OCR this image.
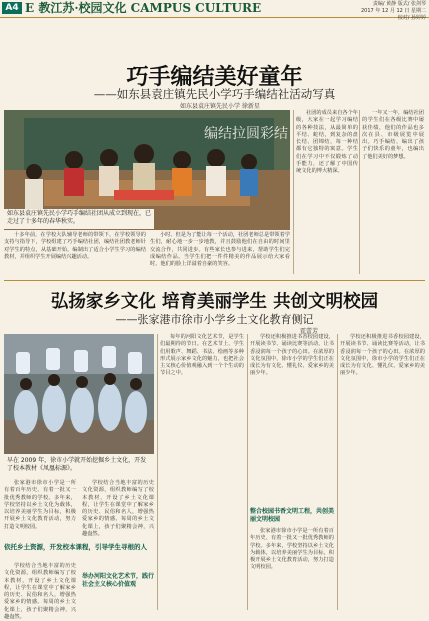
A4 E 教江苏·校园文化 CAMPUS CULTURE	责编/ 黄静 版式/ 张剑琴
2017 年 12 月 12 日 星期二
校对/ 孙婷婷
巧手编结美好童年
——如东县袁庄镇先民小学巧手编结社活动写真
如东县袁庄镇先民小学 徐新星
编结拉圆彩结
如东县袁庄镇先民小学巧手编结社团从成立到现在，已走过了十多年的春华秋实。

十多年前，在学校大队辅导老师的带领下，在学校领导的支持与指导下，学校组建了巧手编结社团，编结社团教老师针对学生的特点，从基础开始，编制出了适合小学生学习的编结教材，并组织学生开展编结兴趣活动。

小时、但是为了能让每一个活动，社团老师总是带领着学生们，耐心地一步一步地教，并且鼓励他们在自由的时间里交流合作，共同进步。有些家长也参与进来，帮助学生们完成编结作品。当学生们把一件件精美的作品展示给大家看时，他们的脸上洋溢着自豪的笑容。

社团的成员来自各个年级，大家在一起学习编结的各种技法，从最简单的平结、蛇结，到复杂的盘长结、团锦结，每一种结都有它独特的寓意。学生们在学习中不仅锻炼了动手能力，还了解了中国传统文化的博大精深。

一年又一年，编结社团的学生们在各级比赛中屡获佳绩，他们的作品也多次在县、市级展览中展出。巧手编结，编出了孩子们快乐的童年，也编出了他们美好的梦想。

弘扬家乡文化 培育美丽学生 共创文明校园
——张家港市徐市小学乡土文化教育侧记
霍蕾芳
早在 2009 年，徐市小学就开始挖掘乡土文化，开发了校本教材《凤凰标源》。

张家港市徐市小学是一所有着百年历史、有着一批又一批优秀教师的学校。多年来，学校坚持以乡土文化为载体，以培养美丽学生为目标，积极开展乡土文化教育活动，努力打造文明校园。

依托乡土资源，开发校本课程，引导学生寻根的人

学校结合当地丰富的历史文化资源，组织教师编写了校本教材，开设了乡土文化课程，让学生在课堂中了解家乡的历史、民俗和名人，增强热爱家乡的情感。每周的乡土文化课上，孩子们聚精会神，兴趣盎然。

学校结合当地丰富的历史文化资源，组织教师编写了校本教材，开设了乡土文化课程，让学生在课堂中了解家乡的历史、民俗和名人，增强热爱家乡的情感。每周的乡土文化课上，孩子们聚精会神，兴趣盎然。

举办河阳文化艺术节，践行社会主义核心价值观

每年的河阳文化艺术节，是学生们最期待的节日。在艺术节上，学生们用歌声、舞蹈、书法、绘画等多种形式展示家乡文化的魅力，也把社会主义核心价值观融入到一个个生动的节目之中。

学校还积极推进书香校园建设，开展读书节、诵读比赛等活动，让书香浸润每一个孩子的心田。在浓厚的文化氛围中，徐市小学的学生们正在成长为有文化、懂礼仪、爱家乡的美丽少年。

整合校园书香文明工程，共创美丽文明校园

张家港市徐市小学是一所有着百年历史、有着一批又一批优秀教师的学校。多年来，学校坚持以乡土文化为载体，以培养美丽学生为目标，积极开展乡土文化教育活动，努力打造文明校园。

学校还积极推进书香校园建设，开展读书节、诵读比赛等活动，让书香浸润每一个孩子的心田。在浓厚的文化氛围中，徐市小学的学生们正在成长为有文化、懂礼仪、爱家乡的美丽少年。
